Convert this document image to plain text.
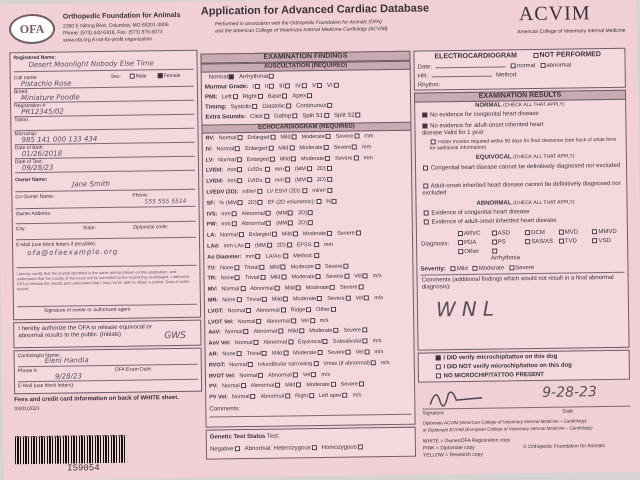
OFA
Orthopedic Foundation for Animals
2300 E Nifong Blvd, Columbia, MO 65201-3806
Phone: (573) 442-0418, Fax: (573) 875-5073
www.ofa.org A not-for-profit organization
Application for Advanced Cardiac Database
Performed in association with the Orthopedic Foundation for Animals (OFA)
and the American College of Veterinary Internal Medicine-Cardiology (ACVIM)
ACVIM
American College of Veterinary Internal Medicine
Registered Name:
Desert Moonlight Nobody Else Time
Sex:	Male	Female
Owner Name:	Jane Smith
Co-Owner Name:	Phone:
555 555 5514
Owner Address:
City:	State:	Zip/postal code:
E-Mail (use block letters if possible):
ofa@ofaexample.org
I hereby certify that the animal identified is the same animal shown on this application, and understand that the results of the exam will be submitted to the examining cardiologist. I authorize OFA to release the results and understand that I may not be able to obtain a refund. Data of public record.
Signature of owner or authorized agent
Call name:
Pistachio Rose
Breed:
Miniature Poodle
Registration #:
PR12345/02
Tattoo:
Microchip:
985 141 000 133 434
Date of Birth:
01/26/2018
Date of Test:
09/28/23
I hereby authorize the OFA to release equivocal or abnormal results to the public. (Initials)	GWS
Cardiologist Name:
Eleni Handia
Phone #:	OFA Exam Date:
9/28/23
E-Mail (use block letters):
Fees and credit card information on back of WHITE sheet.
03/01/2023
I59054
EXAMINATION FINDINGS
AUSCULTATION (REQUIRED)
ECHOCARDIOGRAM (REQUIRED)
Comments:
Normal	Arrhythmia
Murmur Grade: I	II	III	IV	V	VI
PMI: Left	Right	Base	Apex
Timing: Systolic	Diastolic	Continuous
Extra Sounds: Click	Gallop	Split S1	Split S2
RV: Normal	Enlarged	Mild	Moderate	Severe	mm
IV: Normal	Enlarged	Mild	Moderate	Severe	mm
LV: Normal	Enlarged	Mild	Moderate	Severe	mm
LVIDd: mm	LVIDs:	mm	(MM	2D)
LVIDd: mm	LVIDs:	mm	(MM	2D)
LVEDV (2D): ml/m²	LV ESVI (2D):	ml/m²
SF: % (MM	2D)	EF (2D volumetric):	%
IVS: mm	Abnormal	(MM	2D)
PW: mm	Abnormal	(MM	2D)
LA: Normal	Enlarged	Mild	Moderate	Severe
LAd: mm LAs	(MM	2D)	EPSS:	mm
Ao Diameter: mm	LA/Ao:	Method:
TV: None	Trivial	Mild	Moderate	Severe
TR: None	Trivial	Mild	Moderate	Severe	Vel	m/s
MV: Normal	Abnormal	Mild	Moderate	Severe
MR: None	Trivial	Mild	Moderate	Severe	Vel	m/s
LVOT: Normal	Abnormal	Ridge	Other
LVOT Vel: Normal	Abnormal	Vel	m/s
AoV: Normal	Abnormal	Mild	Moderate	Severe
AoV Vel: Normal	Abnormal	Equivocal	Subvalvular	m/s
AR: None	Trivial	Mild	Moderate	Severe	Vel	m/s
RVOT: Normal	Infundibular narrowing	Vmax (if abnormal)	m/s
RVOT Vel: Normal	Abnormal	Vel	m/s
PV: Normal	Abnormal	Mild	Moderate	Severe
PV Vel: Normal	Abnormal	Right	Left apex	m/s
Genetic Test Status Test:
Negative	Abnormal: Heterozygous	Homozygous
ELECTROCARDIOGRAM	NOT PERFORMED
Date:	normal	abnormal
HR:	Method:
Rhythm:
EXAMINATION RESULTS
NORMAL (CHECK ALL THAT APPLY)
No evidence for congenital heart disease
No evidence for adult-onset inherited heart disease Valid for 1 year
Holter monitor required within 90 days for final clearance (see back of white form for additional information)
EQUIVOCAL (CHECK ALL THAT APPLY)
Congenital heart disease cannot be definitively diagnosed nor excluded
Adult-onset inherited heart disease cannot be definitively diagnosed nor excluded
ABNORMAL (CHECK ALL THAT APPLY)
Evidence of congenital heart disease
Evidence of adult-onset inherited heart disease
Diagnosis:
ARVC	ASD	DCM	MVD	MMVD
PDA	PS	SAS/AS	TVD	VSD
Other
Arrhythmia
Severity:	Mild	Moderate	Severe
Comments (additional findings which would not result in a final abnormal diagnosis):
WNL
I DID verify microchip/tattoo on this dog
I DID NOT verify microchip/tattoo on this dog
NO MICROCHIP/TATTOO PRESENT
9-28-23
Signature	Date
Diplomate ACVIM (American College of Veterinary Internal Medicine – Cardiology)
or Diplomate ECVIM (European College of Veterinary Internal Medicine – Cardiology)
WHITE = Owner/OFA Registration copy
PINK = Diplomate copy
YELLOW = Research copy
© Orthopedic Foundation for Animals
